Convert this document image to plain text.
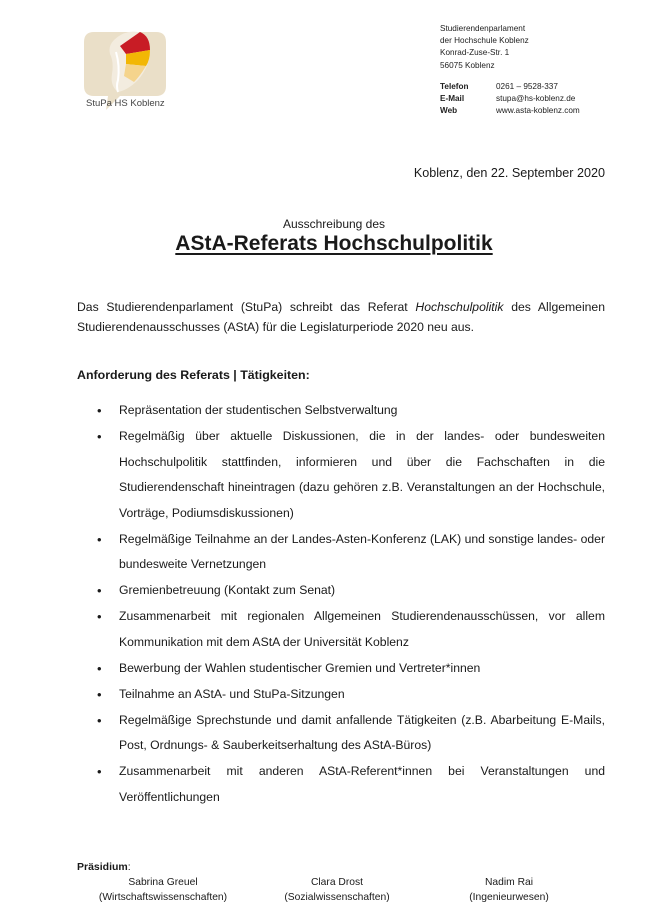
StuPa HS Koblenz
Studierendenparlament
der Hochschule Koblenz
Konrad-Zuse-Str. 1
56075 Koblenz
Telefon	0261 – 9528-337
E-Mail	stupa@hs-koblenz.de
Web	www.asta-koblenz.com
Koblenz, den 22. September 2020
Ausschreibung des
AStA-Referats Hochschulpolitik
Das Studierendenparlament (StuPa) schreibt das Referat Hochschulpolitik des Allgemeinen Studierendenausschusses (AStA) für die Legislaturperiode 2020 neu aus.
Anforderung des Referats | Tätigkeiten:
• Repräsentation der studentischen Selbstverwaltung
• Regelmäßig über aktuelle Diskussionen, die in der landes- oder bundesweiten Hochschulpolitik stattfinden, informieren und über die Fachschaften in die Studierendenschaft hineintragen (dazu gehören z.B. Veranstaltungen an der Hochschule, Vorträge, Podiumsdiskussionen)
• Regelmäßige Teilnahme an der Landes-Asten-Konferenz (LAK) und sonstige landes- oder bundesweite Vernetzungen
• Gremienbetreuung (Kontakt zum Senat)
• Zusammenarbeit mit regionalen Allgemeinen Studierendenausschüssen, vor allem Kommunikation mit dem AStA der Universität Koblenz
• Bewerbung der Wahlen studentischer Gremien und Vertreter*innen
• Teilnahme an AStA- und StuPa-Sitzungen
• Regelmäßige Sprechstunde und damit anfallende Tätigkeiten (z.B. Abarbeitung E-Mails, Post, Ordnungs- & Sauberkeitserhaltung des AStA-Büros)
• Zusammenarbeit mit anderen AStA-Referent*innen bei Veranstaltungen und Veröffentlichungen
Präsidium:
Sabrina Greuel
(Wirtschaftswissenschaften)
Clara Drost
(Sozialwissenschaften)
Nadim Rai
(Ingenieurwesen)
